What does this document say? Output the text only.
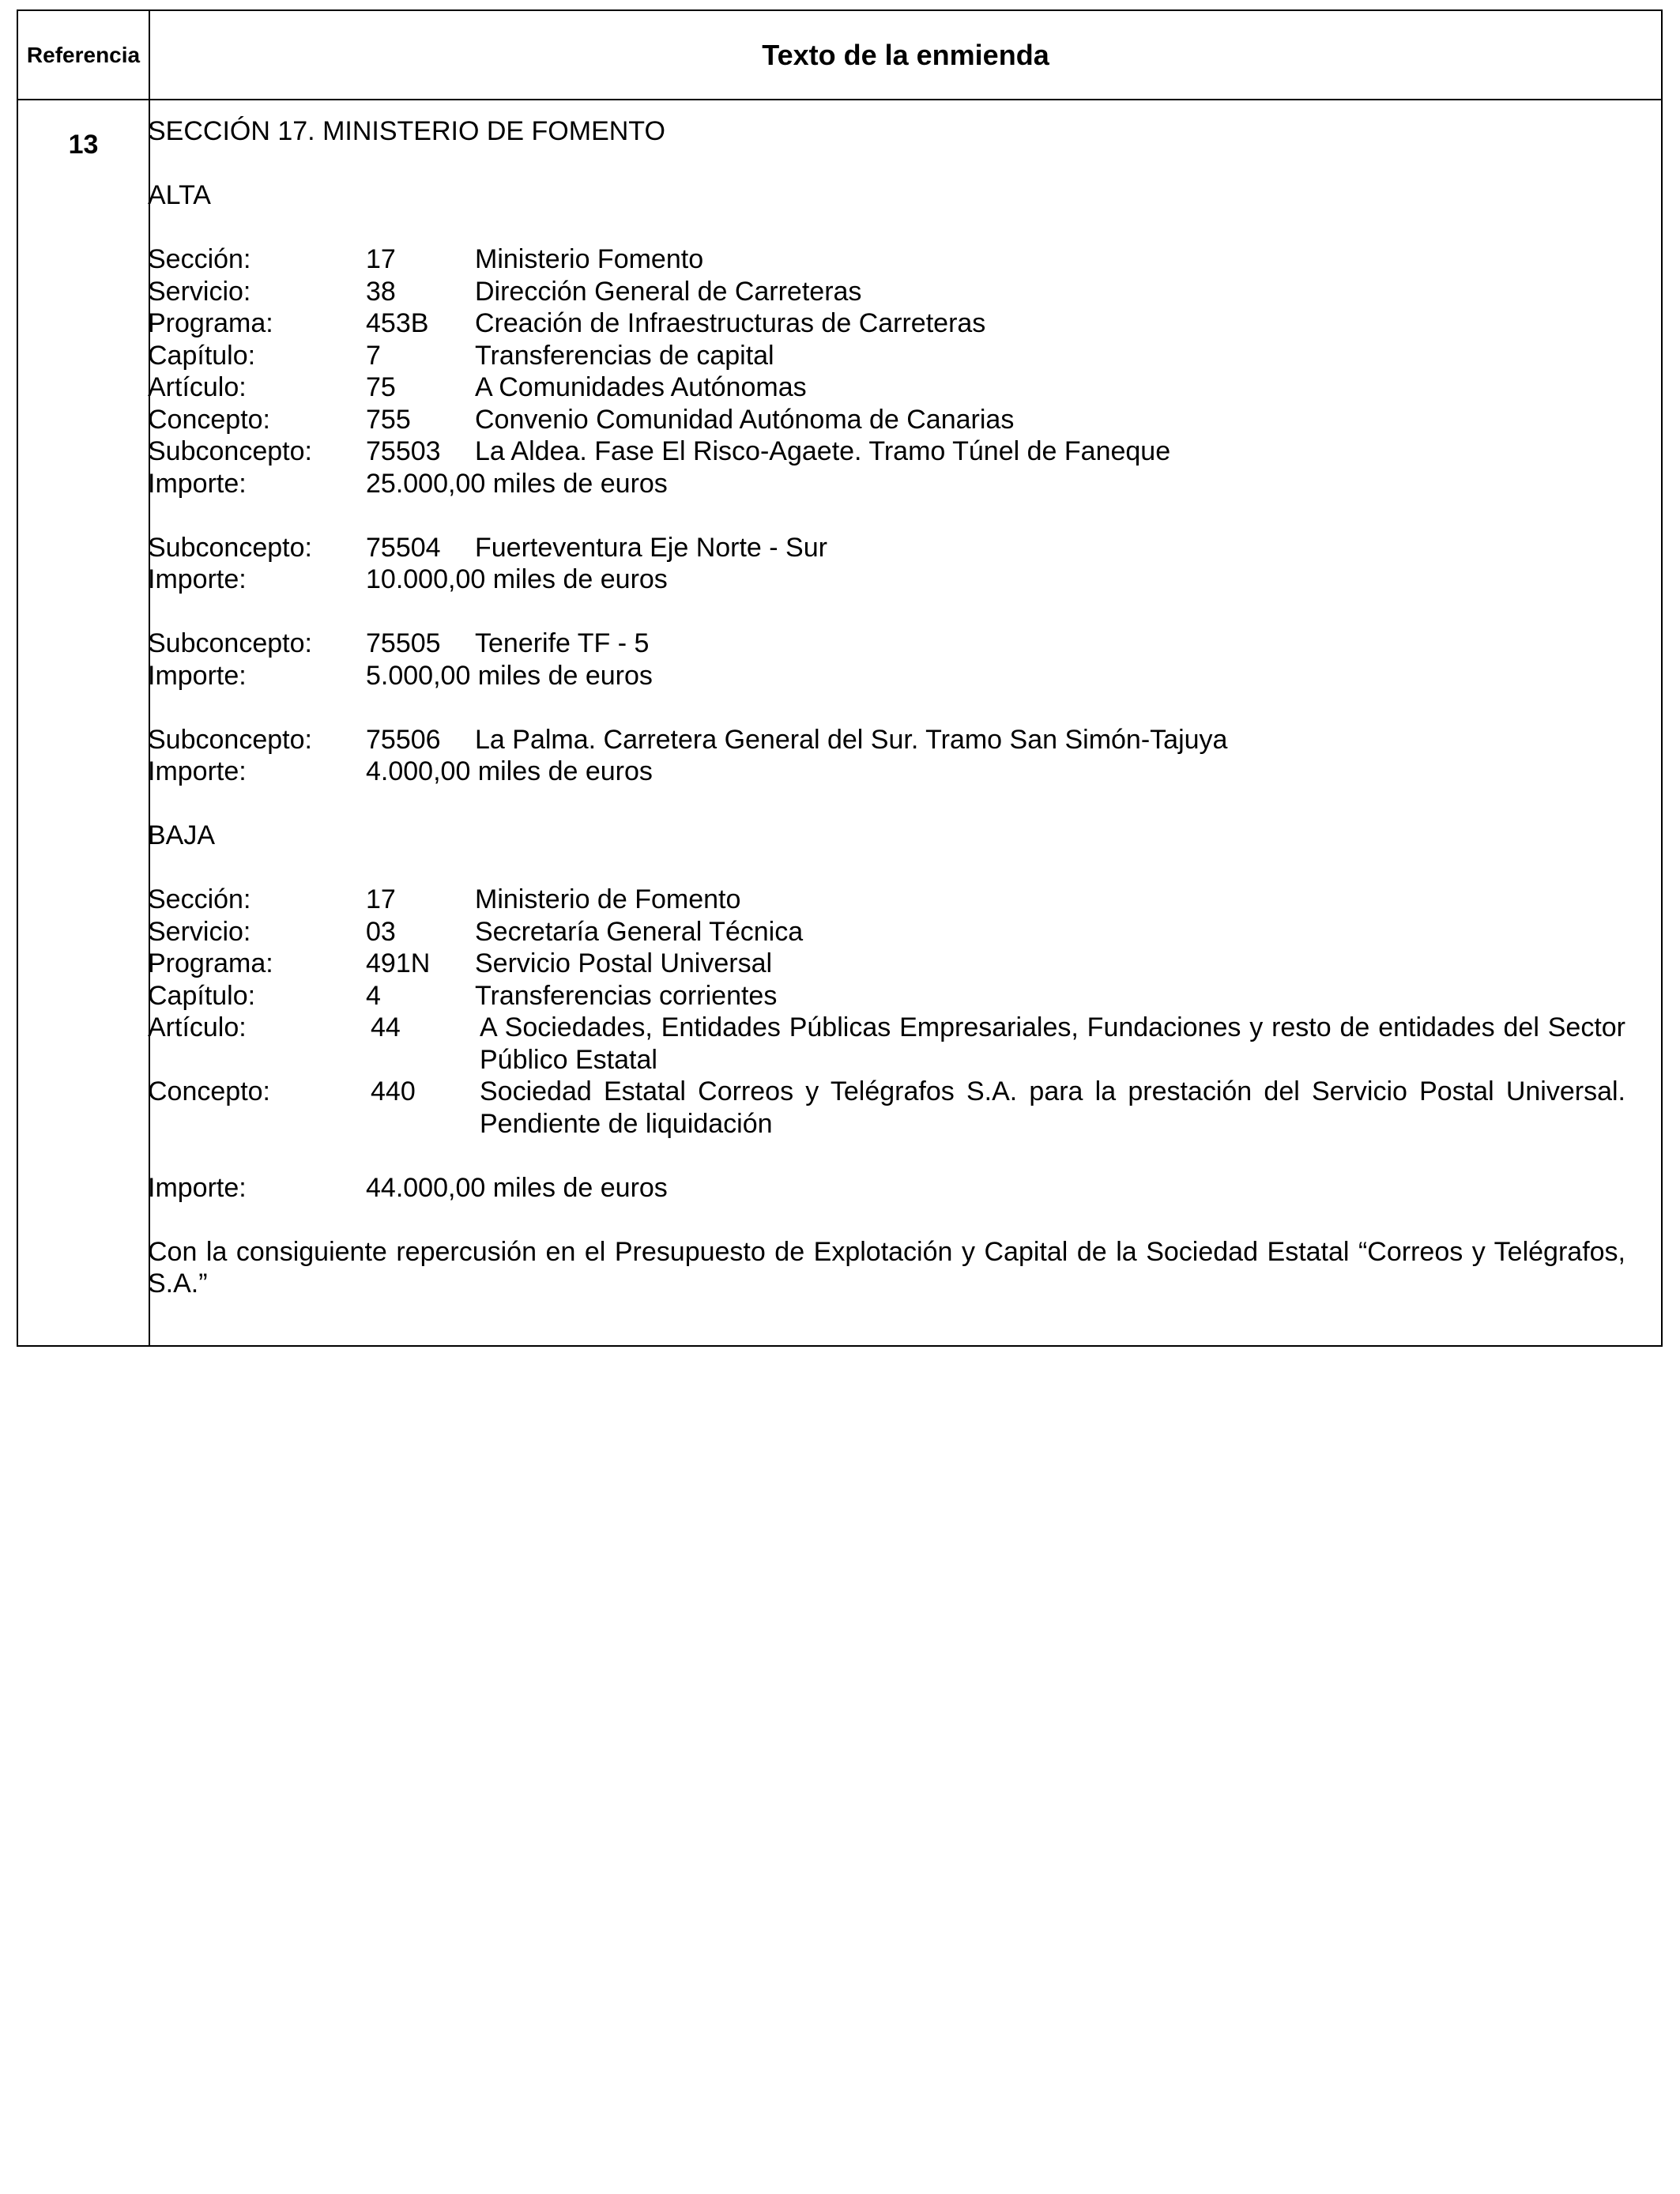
Referencia	Texto de la enmienda
13	SECCIÓN 17. MINISTERIO DE FOMENTO
ALTA
Sección:	17	Ministerio Fomento
Servicio:	38	Dirección General de Carreteras
Programa:	453B	Creación de Infraestructuras de Carreteras
Capítulo:	7	Transferencias de capital
Artículo:	75	A Comunidades Autónomas
Concepto:	755	Convenio Comunidad Autónoma de Canarias
Subconcepto:	75503	La Aldea. Fase El Risco-Agaete. Tramo Túnel de Faneque
Importe:	25.000,00 miles de euros
Subconcepto:	75504	Fuerteventura Eje Norte - Sur
Importe:	10.000,00 miles de euros
Subconcepto:	75505	Tenerife TF - 5
Importe:	5.000,00 miles de euros
Subconcepto:	75506	La Palma. Carretera General del Sur. Tramo San Simón-Tajuya
Importe:	4.000,00 miles de euros
BAJA
Sección:	17	Ministerio de Fomento
Servicio:	03	Secretaría General Técnica
Programa:	491N	Servicio Postal Universal
Capítulo:	4	Transferencias corrientes
Artículo:	44	A Sociedades, Entidades Públicas Empresariales, Fundaciones y resto de entidades del Sector Público Estatal
Concepto:	440	Sociedad Estatal Correos y Telégrafos S.A. para la prestación del Servicio Postal Universal. Pendiente de liquidación
Importe:	44.000,00 miles de euros
Con la consiguiente repercusión en el Presupuesto de Explotación y Capital de la Sociedad Estatal “Correos y Telégrafos, S.A.”
